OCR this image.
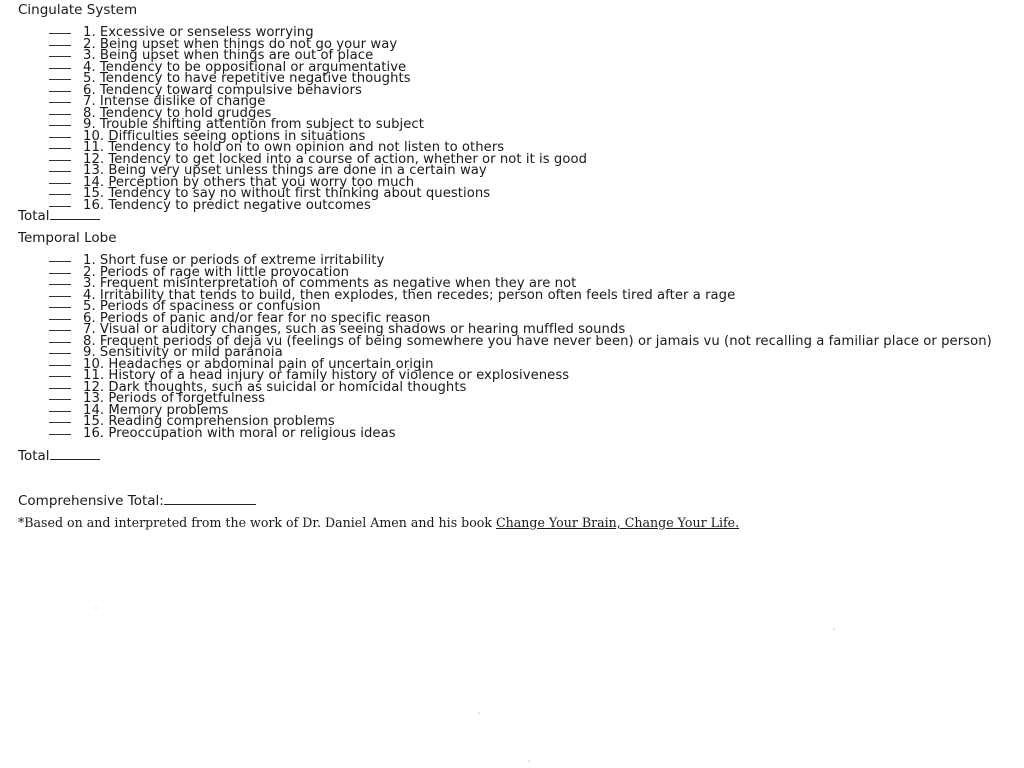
Cingulate System
1. Excessive or senseless worrying
2. Being upset when things do not go your way
3. Being upset when things are out of place
4. Tendency to be oppositional or argumentative
5. Tendency to have repetitive negative thoughts
6. Tendency toward compulsive behaviors
7. Intense dislike of change
8. Tendency to hold grudges
9. Trouble shifting attention from subject to subject
10. Difficulties seeing options in situations
11. Tendency to hold on to own opinion and not listen to others
12. Tendency to get locked into a course of action, whether or not it is good
13. Being very upset unless things are done in a certain way
14. Perception by others that you worry too much
15. Tendency to say no without first thinking about questions
16. Tendency to predict negative outcomes
Total
Temporal Lobe
1. Short fuse or periods of extreme irritability
2. Periods of rage with little provocation
3. Frequent misinterpretation of comments as negative when they are not
4. Irritability that tends to build, then explodes, then recedes; person often feels tired after a rage
5. Periods of spaciness or confusion
6. Periods of panic and/or fear for no specific reason
7. Visual or auditory changes, such as seeing shadows or hearing muffled sounds
8. Frequent periods of deja vu (feelings of being somewhere you have never been) or jamais vu (not recalling a familiar place or person)
9. Sensitivity or mild paranoia
10. Headaches or abdominal pain of uncertain origin
11. History of a head injury or family history of violence or explosiveness
12. Dark thoughts, such as suicidal or homicidal thoughts
13. Periods of forgetfulness
14. Memory problems
15. Reading comprehension problems
16. Preoccupation with moral or religious ideas
Total
Comprehensive Total:
*Based on and interpreted from the work of Dr. Daniel Amen and his book Change Your Brain, Change Your Life.
